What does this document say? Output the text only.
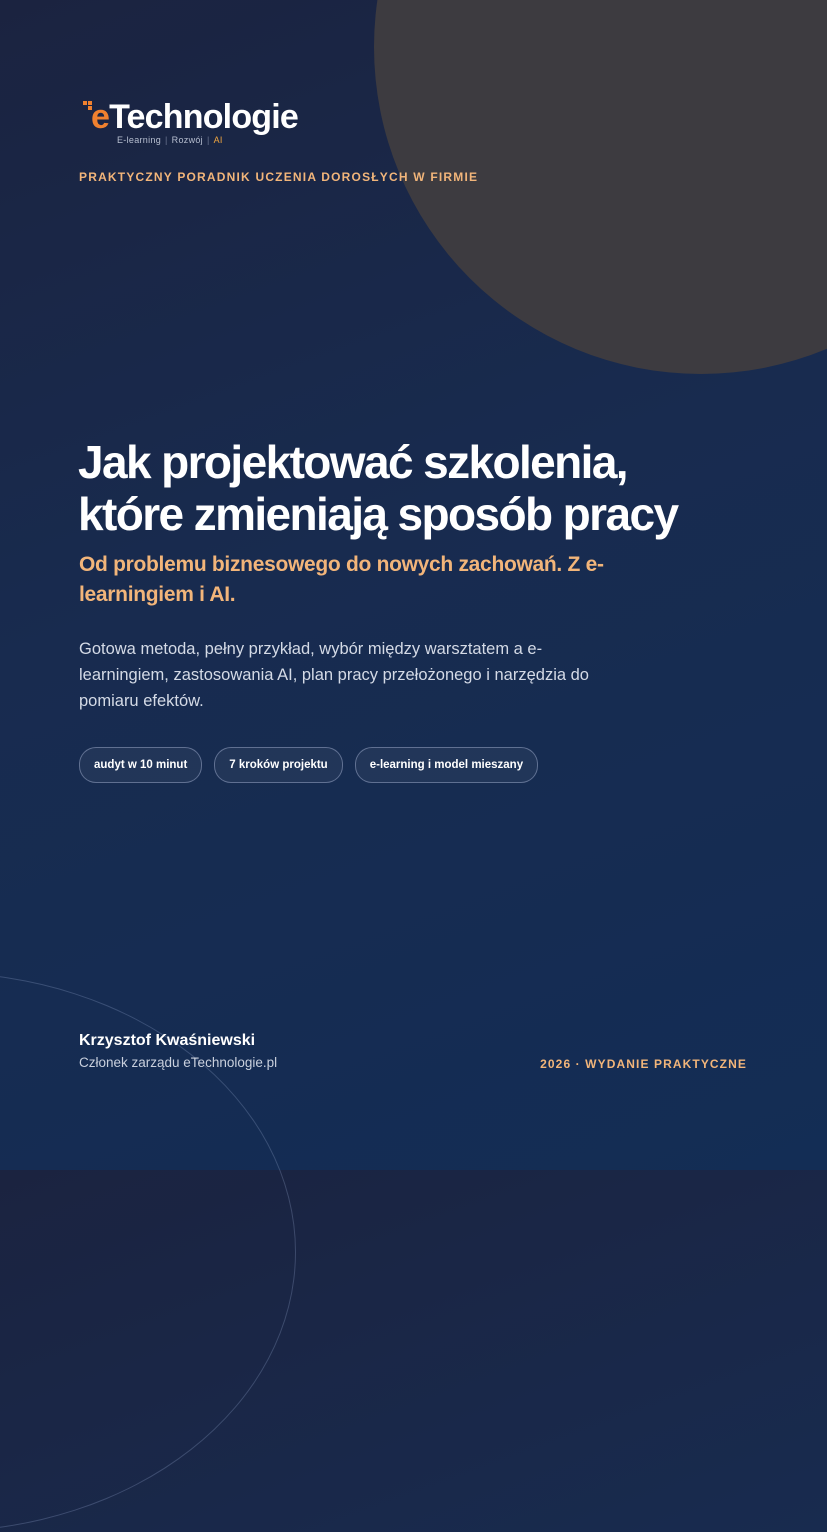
eTechnologie
E-learning | Rozwój | AI
PRAKTYCZNY PORADNIK UCZENIA DOROSŁYCH W FIRMIE
Jak projektować szkolenia,
które zmieniają sposób pracy

Od problemu biznesowego do nowych zachowań. Z e-learningiem i AI.

Gotowa metoda, pełny przykład, wybór między warsztatem a e-learningiem, zastosowania AI, plan pracy przełożonego i narzędzia do pomiaru efektów.

audyt w 10 minut	7 kroków projektu	e-learning i model mieszany
Krzysztof Kwaśniewski
Członek zarządu eTechnologie.pl	2026 · WYDANIE PRAKTYCZNE
